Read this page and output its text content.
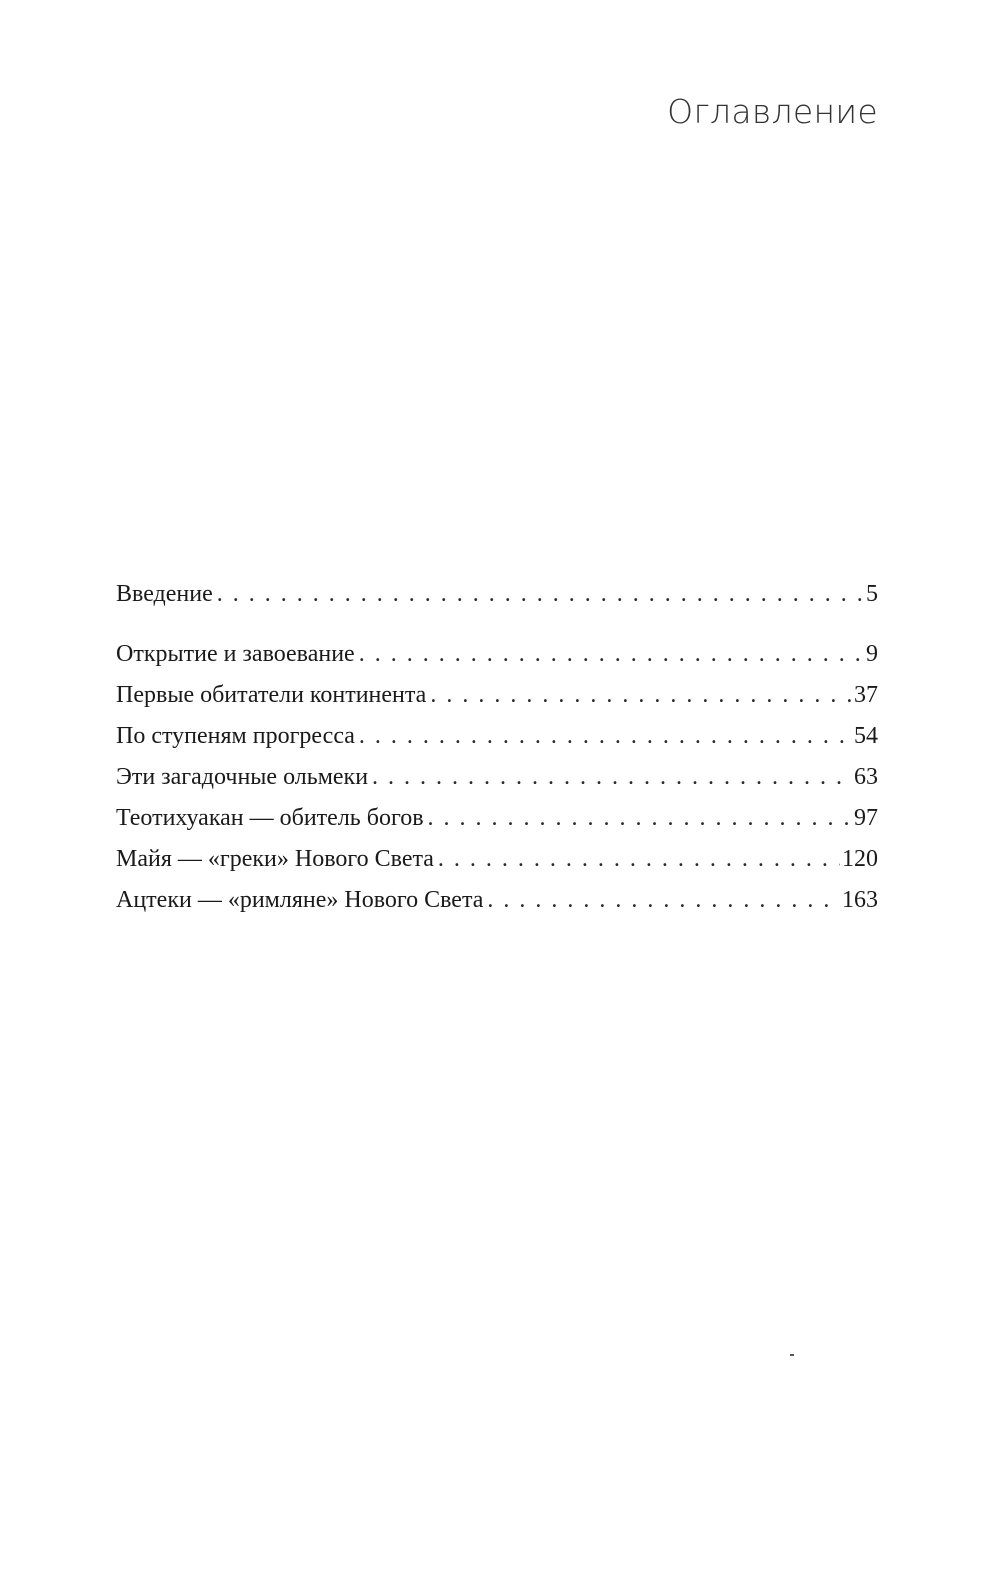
Оглавление
Введение . . .	5
Открытие и завоевание . . .	9
Первые обитатели континента . . .	37
По ступеням прогресса . . .	54
Эти загадочные ольмеки . . .	63
Теотихуакан — обитель богов . . .	97
Майя — «греки» Нового Света . . .	120
Ацтеки — «римляне» Нового Света . . .	163
